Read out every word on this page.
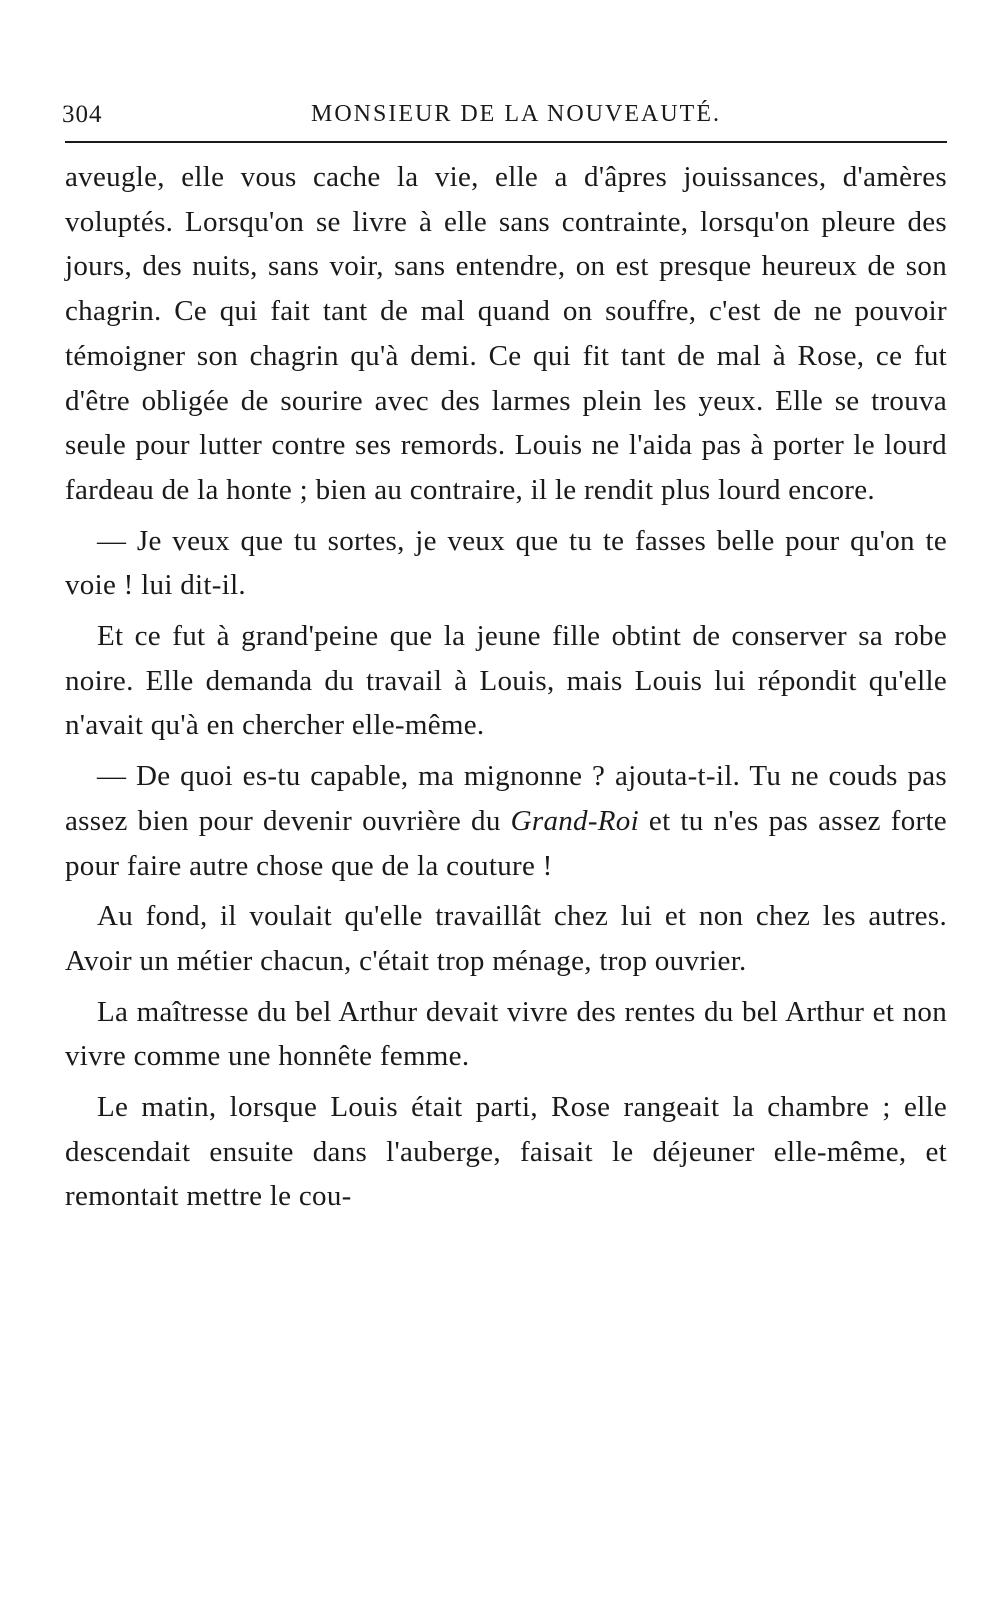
304	MONSIEUR DE LA NOUVEAUTÉ.

aveugle, elle vous cache la vie, elle a d'âpres jouissances, d'amères voluptés. Lorsqu'on se livre à elle sans contrainte, lorsqu'on pleure des jours, des nuits, sans voir, sans entendre, on est presque heureux de son chagrin. Ce qui fait tant de mal quand on souffre, c'est de ne pouvoir témoigner son chagrin qu'à demi. Ce qui fit tant de mal à Rose, ce fut d'être obligée de sourire avec des larmes plein les yeux. Elle se trouva seule pour lutter contre ses remords. Louis ne l'aida pas à porter le lourd fardeau de la honte ; bien au contraire, il le rendit plus lourd encore.

— Je veux que tu sortes, je veux que tu te fasses belle pour qu'on te voie ! lui dit-il.

Et ce fut à grand'peine que la jeune fille obtint de conserver sa robe noire. Elle demanda du travail à Louis, mais Louis lui répondit qu'elle n'avait qu'à en chercher elle-même.

— De quoi es-tu capable, ma mignonne ? ajouta-t-il. Tu ne couds pas assez bien pour devenir ouvrière du Grand-Roi et tu n'es pas assez forte pour faire autre chose que de la couture !

Au fond, il voulait qu'elle travaillât chez lui et non chez les autres. Avoir un métier chacun, c'était trop ménage, trop ouvrier.

La maîtresse du bel Arthur devait vivre des rentes du bel Arthur et non vivre comme une honnête femme.

Le matin, lorsque Louis était parti, Rose rangeait la chambre ; elle descendait ensuite dans l'auberge, faisait le déjeuner elle-même, et remontait mettre le cou-
